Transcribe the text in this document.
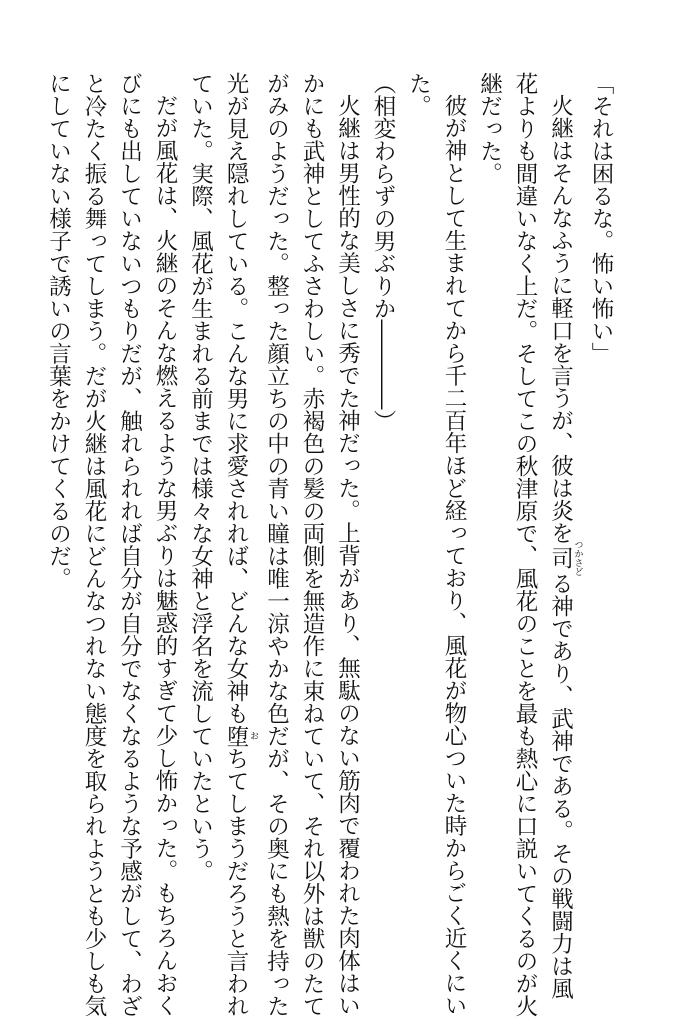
「それは困るな。怖い怖い」

火継はそんなふうに軽口を言うが、彼は炎を司 つかさどる神であり、武神である。その戦闘力は風

花よりも間違いなく上だ。そしてこの秋津原で、風花のことを最も熱心に口説いてくるのが火

継だった。

彼が神として生まれてから千二百年ほど経っており、風花が物心ついた時からごく近くにい

た。

（相変わらずの男ぶりか――――）

火継は男性的な美しさに秀でた神だった。上背があり、無駄のない筋肉で覆われた肉体はい

かにも武神としてふさわしい。赤褐色の髪の両側を無造作に束ねていて、それ以外は獣のたて

がみのようだった。整った顔立ちの中の青い瞳は唯一涼やかな色だが、その奥にも熱を持った

光が見え隠れしている。こんな男に求愛されれば、どんな女神も堕 おちてしまうだろうと言われ

ていた。実際、風花が生まれる前までは様々な女神と浮名を流していたという。

だが風花は、火継のそんな燃えるような男ぶりは魅惑的すぎて少し怖かった。もちろんおく

びにも出していないつもりだが、触れられれば自分が自分でなくなるような予感がして、わざ

と冷たく振る舞ってしまう。だが火継は風花にどんなつれない態度を取られようとも少しも気

にしていない様子で誘いの言葉をかけてくるのだ。
